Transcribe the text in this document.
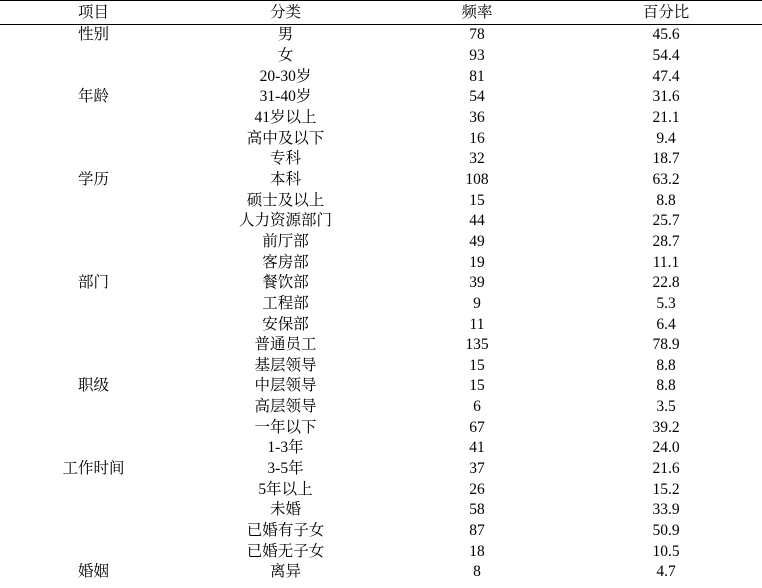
项目	分类	频率	百分比
性别	男	78	45.6
	女	93	54.4
	20-30岁	81	47.4
年龄	31-40岁	54	31.6
	41岁以上	36	21.1
	高中及以下	16	9.4
	专科	32	18.7
学历	本科	108	63.2
	硕士及以上	15	8.8
	人力资源部门	44	25.7
	前厅部	49	28.7
	客房部	19	11.1
部门	餐饮部	39	22.8
	工程部	9	5.3
	安保部	11	6.4
	普通员工	135	78.9
	基层领导	15	8.8
职级	中层领导	15	8.8
	高层领导	6	3.5
	一年以下	67	39.2
	1-3年	41	24.0
工作时间	3-5年	37	21.6
	5年以上	26	15.2
	未婚	58	33.9
	已婚有子女	87	50.9
	已婚无子女	18	10.5
婚姻	离异	8	4.7
